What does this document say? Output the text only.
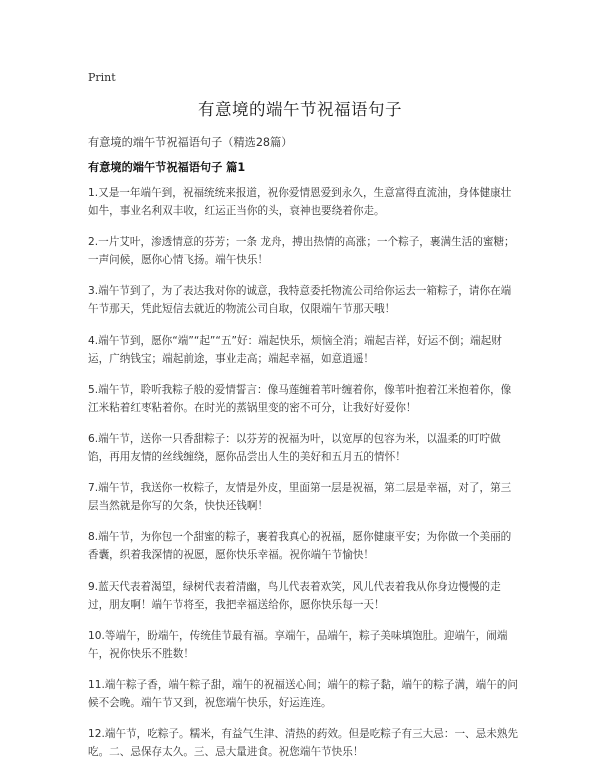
Print
有意境的端午节祝福语句子
有意境的端午节祝福语句子（精选28篇）
有意境的端午节祝福语句子 篇1

1.又是一年端午到，祝福统统来报道，祝你爱情恩爱到永久，生意富得直流油，身体健康壮如牛，事业名利双丰收，红运正当你的头，衰神也要绕着你走。

2.一片艾叶，渗透情意的芬芳；一条 龙舟，搏出热情的高涨；一个粽子，裹满生活的蜜糖；一声问候，愿你心情飞扬。端午快乐！

3.端午节到了，为了表达我对你的诚意，我特意委托物流公司给你运去一箱粽子，请你在端午节那天，凭此短信去就近的物流公司自取，仅限端午节那天哦！

4.端午节到，愿你“端”“起”“五”好：端起快乐，烦恼全消；端起吉祥，好运不倒；端起财运，广纳钱宝；端起前途，事业走高；端起幸福，如意逍遥！

5.端午节，聆听我粽子般的爱情誓言：像马莲缠着苇叶缠着你，像苇叶抱着江米抱着你，像江米粘着红枣粘着你。在时光的蒸锅里变的密不可分，让我好好爱你！

6.端午节，送你一只香甜粽子：以芬芳的祝福为叶，以宽厚的包容为米，以温柔的叮咛做馅，再用友情的丝线缠绕，愿你品尝出人生的美好和五月五的情怀！

7.端午节，我送你一枚粽子，友情是外皮，里面第一层是祝福，第二层是幸福，对了，第三层当然就是你写的欠条，快快还钱啊！

8.端午节，为你包一个甜蜜的粽子，裹着我真心的祝福，愿你健康平安；为你做一个美丽的香囊，织着我深情的祝愿，愿你快乐幸福。祝你端午节愉快！

9.蓝天代表着渴望，绿树代表着清幽，鸟儿代表着欢笑，风儿代表着我从你身边慢慢的走过，朋友啊！端午节将至，我把幸福送给你，愿你快乐每一天！

10.等端午，盼端午，传统佳节最有福。享端午，品端午，粽子美味填饱肚。迎端午，闹端午，祝你快乐不胜数！

11.端午粽子香，端午粽子甜，端午的祝福送心间；端午的粽子黏，端午的粽子满，端午的问候不会晚。端午节又到，祝您端午快乐，好运连连。

12.端午节，吃粽子。糯米，有益气生津、清热的药效。但是吃粽子有三大忌：一、忌未熟先吃。二、忌保存太久。三、忌大量进食。祝您端午节快乐！
